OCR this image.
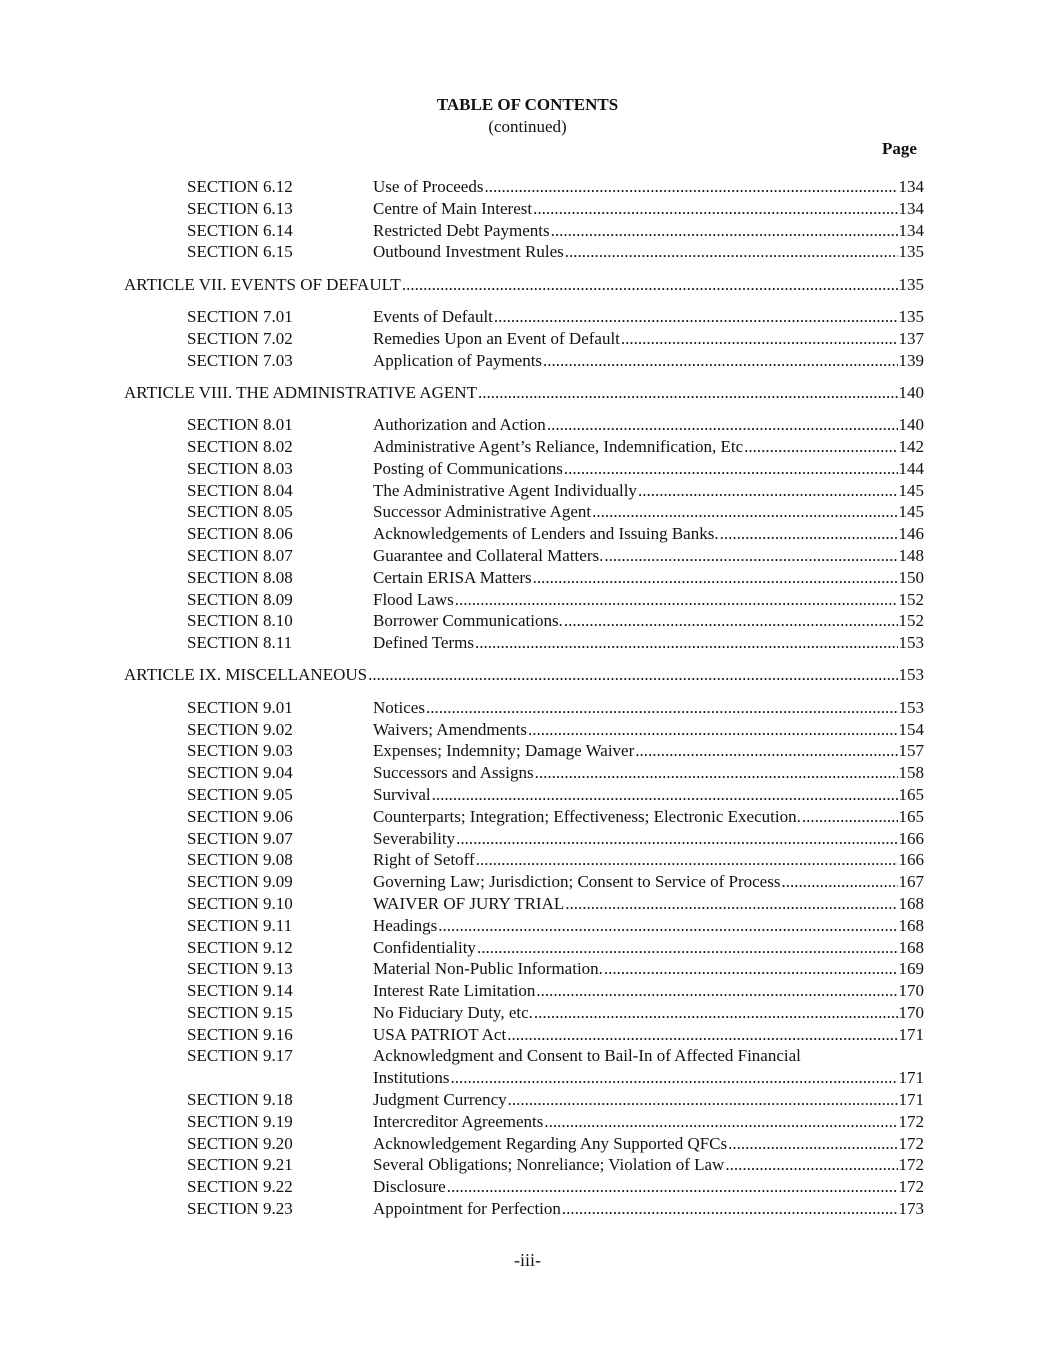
TABLE OF CONTENTS
(continued)
Page
SECTION 6.12	Use of Proceeds .....	134
SECTION 6.13	Centre of Main Interest .....	134
SECTION 6.14	Restricted Debt Payments .....	134
SECTION 6.15	Outbound Investment Rules .....	135
ARTICLE VII. EVENTS OF DEFAULT .....	135
SECTION 7.01	Events of Default .....	135
SECTION 7.02	Remedies Upon an Event of Default .....	137
SECTION 7.03	Application of Payments .....	139
ARTICLE VIII. THE ADMINISTRATIVE AGENT .....	140
SECTION 8.01	Authorization and Action .....	140
SECTION 8.02	Administrative Agent’s Reliance, Indemnification, Etc .....	142
SECTION 8.03	Posting of Communications .....	144
SECTION 8.04	The Administrative Agent Individually .....	145
SECTION 8.05	Successor Administrative Agent .....	145
SECTION 8.06	Acknowledgements of Lenders and Issuing Banks. .....	146
SECTION 8.07	Guarantee and Collateral Matters. .....	148
SECTION 8.08	Certain ERISA Matters .....	150
SECTION 8.09	Flood Laws .....	152
SECTION 8.10	Borrower Communications. .....	152
SECTION 8.11	Defined Terms .....	153
ARTICLE IX. MISCELLANEOUS .....	153
SECTION 9.01	Notices .....	153
SECTION 9.02	Waivers; Amendments .....	154
SECTION 9.03	Expenses; Indemnity; Damage Waiver .....	157
SECTION 9.04	Successors and Assigns .....	158
SECTION 9.05	Survival .....	165
SECTION 9.06	Counterparts; Integration; Effectiveness; Electronic Execution. .....	165
SECTION 9.07	Severability .....	166
SECTION 9.08	Right of Setoff .....	166
SECTION 9.09	Governing Law; Jurisdiction; Consent to Service of Process .....	167
SECTION 9.10	WAIVER OF JURY TRIAL .....	168
SECTION 9.11	Headings .....	168
SECTION 9.12	Confidentiality .....	168
SECTION 9.13	Material Non-Public Information. .....	169
SECTION 9.14	Interest Rate Limitation .....	170
SECTION 9.15	No Fiduciary Duty, etc. .....	170
SECTION 9.16	USA PATRIOT Act .....	171
SECTION 9.17	Acknowledgment and Consent to Bail-In of Affected Financial
Institutions .....	171
SECTION 9.18	Judgment Currency .....	171
SECTION 9.19	Intercreditor Agreements .....	172
SECTION 9.20	Acknowledgement Regarding Any Supported QFCs .....	172
SECTION 9.21	Several Obligations; Nonreliance; Violation of Law .....	172
SECTION 9.22	Disclosure .....	172
SECTION 9.23	Appointment for Perfection .....	173
-iii-
